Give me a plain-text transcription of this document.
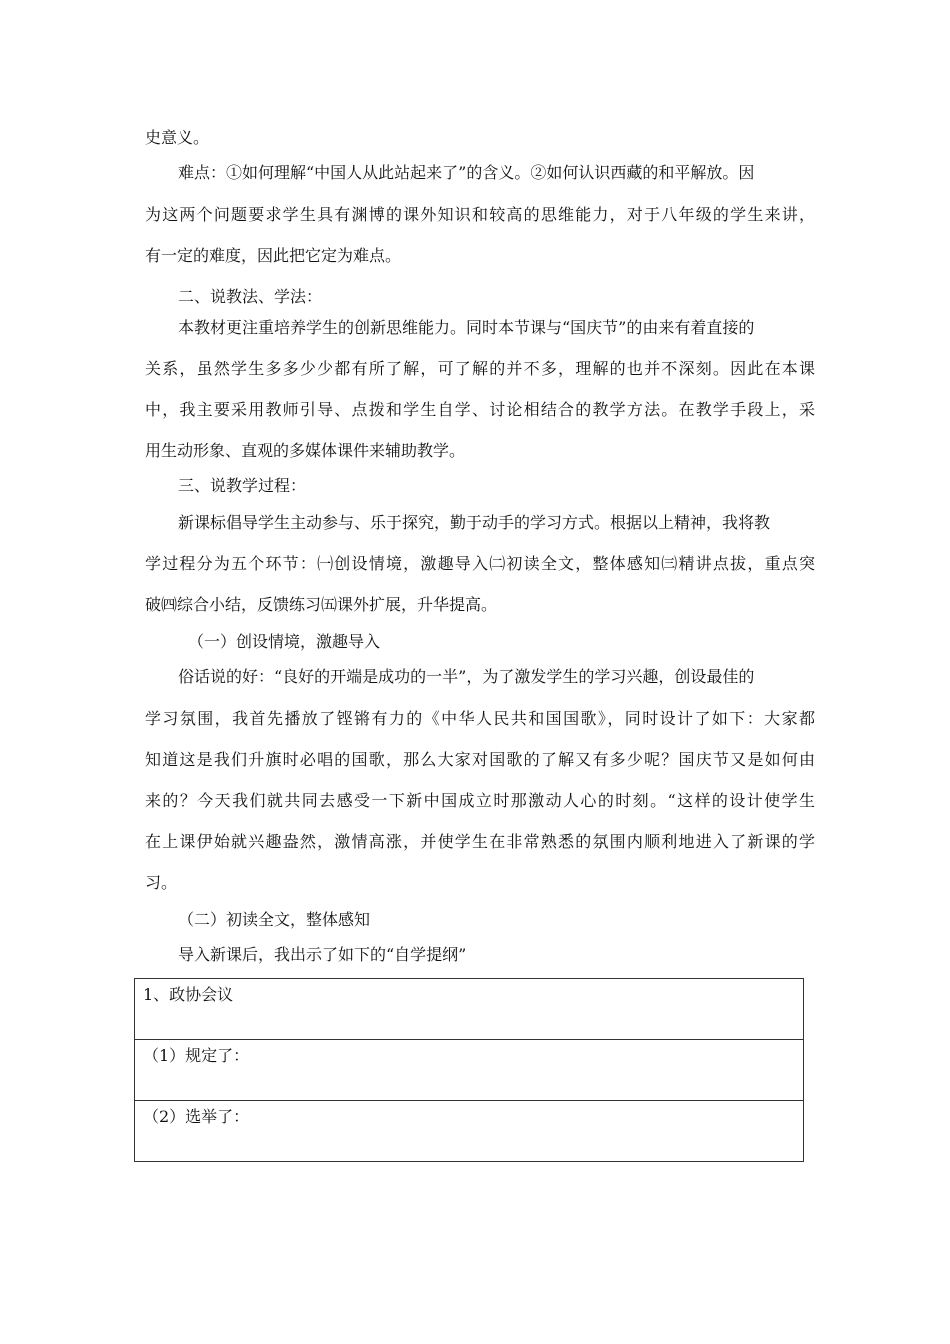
史意义。
难点：①如何理解“中国人从此站起来了”的含义。②如何认识西藏的和平解放。因
为这两个问题要求学生具有渊博的课外知识和较高的思维能力，对于八年级的学生来讲，
有一定的难度，因此把它定为难点。
二、说教法、学法：
本教材更注重培养学生的创新思维能力。同时本节课与“国庆节”的由来有着直接的
关系，虽然学生多多少少都有所了解，可了解的并不多，理解的也并不深刻。因此在本课
中，我主要采用教师引导、点拨和学生自学、讨论相结合的教学方法。在教学手段上，采
用生动形象、直观的多媒体课件来辅助教学。
三、说教学过程：
新课标倡导学生主动参与、乐于探究，勤于动手的学习方式。根据以上精神，我将教
学过程分为五个环节：㈠创设情境，激趣导入㈡初读全文，整体感知㈢精讲点拔，重点突
破㈣综合小结，反馈练习㈤课外扩展，升华提高。
（一）创设情境，激趣导入
俗话说的好：“良好的开端是成功的一半”，为了激发学生的学习兴趣，创设最佳的
学习氛围，我首先播放了铿锵有力的《中华人民共和国国歌》，同时设计了如下：大家都
知道这是我们升旗时必唱的国歌，那么大家对国歌的了解又有多少呢？国庆节又是如何由
来的？今天我们就共同去感受一下新中国成立时那激动人心的时刻。“这样的设计使学生
在上课伊始就兴趣盎然，激情高涨，并使学生在非常熟悉的氛围内顺利地进入了新课的学
习。
（二）初读全文，整体感知
导入新课后，我出示了如下的“自学提纲”
1、政协会议
（1）规定了：
（2）选举了：
